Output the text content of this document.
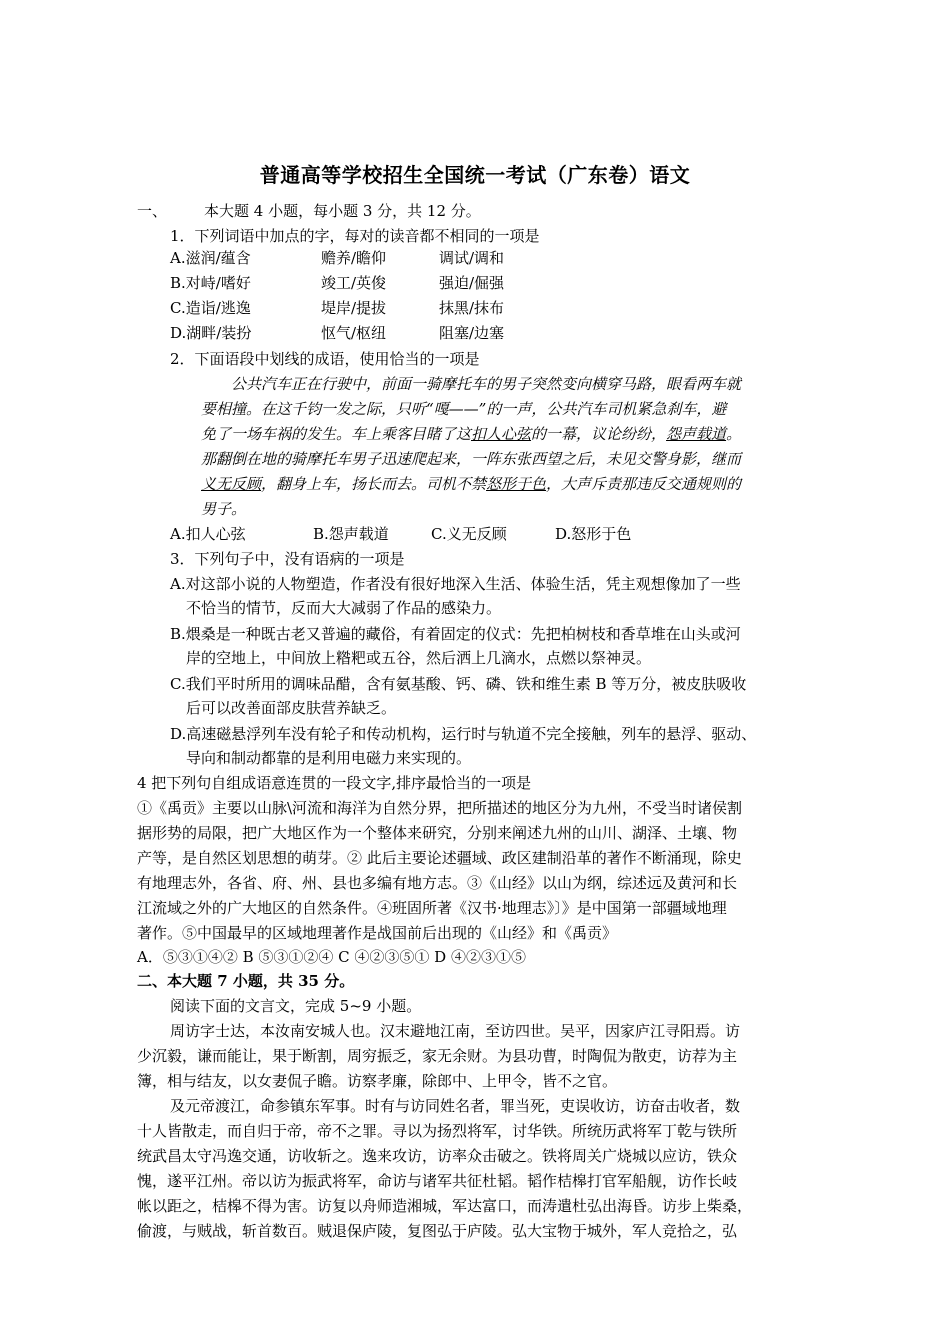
普通高等学校招生全国统一考试（广东卷）语文
一、 本大题 4 小题，每小题 3 分，共 12 分。
1．下列词语中加点的字，每对的读音都不相同的一项是
A.滋润/蕴含	赡养/瞻仰	调试/调和
B.对峙/嗜好	竣工/英俊	强迫/倔强
C.造诣/逃逸	堤岸/提拔	抹黑/抹布
D.湖畔/装扮	怄气/枢纽	阻塞/边塞
2．下面语段中划线的成语，使用恰当的一项是
公共汽车正在行驶中，前面一骑摩托车的男子突然变向横穿马路，眼看两车就
要相撞。在这千钧一发之际，只听“嘎——”的一声，公共汽车司机紧急刹车，避
免了一场车祸的发生。车上乘客目睹了这扣人心弦的一幕，议论纷纷，怨声载道。
那翻倒在地的骑摩托车男子迅速爬起来，一阵东张西望之后，未见交警身影，继而
义无反顾，翻身上车，扬长而去。司机不禁怒形于色，大声斥责那违反交通规则的
男子。
A.扣人心弦	B.怨声载道	C.义无反顾	D.怒形于色
3．下列句子中，没有语病的一项是
A.对这部小说的人物塑造，作者没有很好地深入生活、体验生活，凭主观想像加了一些
不恰当的情节，反而大大减弱了作品的感染力。
B.煨桑是一种既古老又普遍的藏俗，有着固定的仪式：先把柏树枝和香草堆在山头或河
岸的空地上，中间放上糌粑或五谷，然后洒上几滴水，点燃以祭神灵。
C.我们平时所用的调味品醋，含有氨基酸、钙、磷、铁和维生素 B 等万分，被皮肤吸收
后可以改善面部皮肤营养缺乏。
D.高速磁悬浮列车没有轮子和传动机构，运行时与轨道不完全接触，列车的悬浮、驱动、
导向和制动都靠的是利用电磁力来实现的。
4 把下列句自组成语意连贯的一段文字,排序最恰当的一项是
①《禹贡》主要以山脉\河流和海洋为自然分界，把所描述的地区分为九州，不受当时诸侯割
据形势的局限，把广大地区作为一个整体来研究，分别来阐述九州的山川、湖泽、土壤、物
产等，是自然区划思想的萌芽。② 此后主要论述疆域、政区建制沿革的著作不断涌现，除史
有地理志外，各省、府、州、县也多编有地方志。③《山经》以山为纲，综述远及黄河和长
江流域之外的广大地区的自然条件。④班固所著《汉书·地理志》〕》是中国第一部疆域地理
著作。⑤中国最早的区域地理著作是战国前后出现的《山经》和《禹贡》
A．⑤③①④② B ⑤③①②④ C ④②③⑤① D ④②③①⑤
二、本大题 7 小题，共 35 分。
阅读下面的文言文，完成 5~9 小题。
周访字士达，本汝南安城人也。汉末避地江南，至访四世。吴平，因家庐江寻阳焉。访
少沉毅，谦而能让，果于断割，周穷振乏，家无余财。为县功曹，时陶侃为散吏，访荐为主
簿，相与结友，以女妻侃子瞻。访察孝廉，除郎中、上甲令，皆不之官。
及元帝渡江，命参镇东军事。时有与访同姓名者，罪当死，吏误收访，访奋击收者，数
十人皆散走，而自归于帝，帝不之罪。寻以为扬烈将军，讨华铁。所统历武将军丁乾与铁所
统武昌太守冯逸交通，访收斩之。逸来攻访，访率众击破之。铁将周关广烧城以应访，铁众
愧，遂平江州。帝以访为振武将军，命访与诸军共征杜韬。韬作桔槔打官军船舰，访作长岐
帐以距之，桔槔不得为害。访复以舟师造湘城，军达富口，而涛遣杜弘出海昏。访步上柴桑，
偷渡，与贼战，斩首数百。贼退保庐陵，复图弘于庐陵。弘大宝物于城外，军人竞拾之，弘
